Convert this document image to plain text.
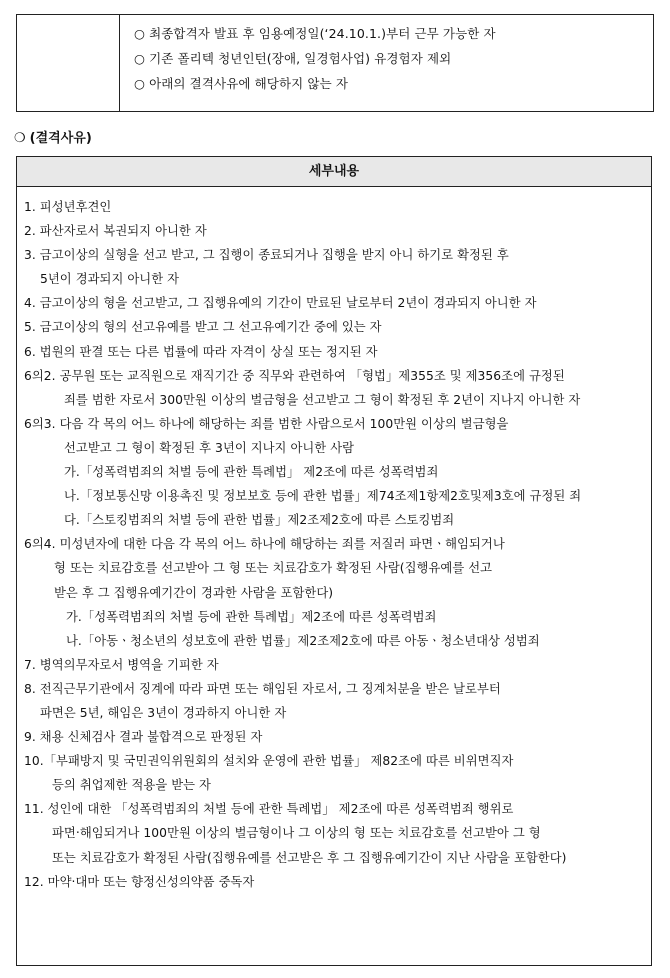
○ 최종합격자 발표 후 임용예정일(‘24.10.1.)부터 근무 가능한 자
○ 기존 폴리텍 청년인턴(장애, 일경험사업) 유경험자 제외
○ 아래의 결격사유에 해당하지 않는 자
❍ (결격사유)
세부내용
1. 피성년후견인
2. 파산자로서 복권되지 아니한 자
3. 금고이상의 실형을 선고 받고, 그 집행이 종료되거나 집행을 받지 아니 하기로 확정된 후
5년이 경과되지 아니한 자
4. 금고이상의 형을 선고받고, 그 집행유예의 기간이 만료된 날로부터 2년이 경과되지 아니한 자
5. 금고이상의 형의 선고유예를 받고 그 선고유예기간 중에 있는 자
6. 법원의 판결 또는 다른 법률에 따라 자격이 상실 또는 정지된 자
6의2. 공무원 또는 교직원으로 재직기간 중 직무와 관련하여 「형법」제355조 및 제356조에 규정된
죄를 범한 자로서 300만원 이상의 벌금형을 선고받고 그 형이 확정된 후 2년이 지나지 아니한 자
6의3. 다음 각 목의 어느 하나에 해당하는 죄를 범한 사람으로서 100만원 이상의 벌금형을
선고받고 그 형이 확정된 후 3년이 지나지 아니한 사람
가.「성폭력범죄의 처벌 등에 관한 특례법」 제2조에 따른 성폭력범죄
나.「정보통신망 이용촉진 및 정보보호 등에 관한 법률」제74조제1항제2호및제3호에 규정된 죄
다.「스토킹범죄의 처벌 등에 관한 법률」제2조제2호에 따른 스토킹범죄
6의4. 미성년자에 대한 다음 각 목의 어느 하나에 해당하는 죄를 저질러 파면ㆍ해임되거나
형 또는 치료감호를 선고받아 그 형 또는 치료감호가 확정된 사람(집행유예를 선고
받은 후 그 집행유예기간이 경과한 사람을 포함한다)
가.「성폭력범죄의 처벌 등에 관한 특례법」제2조에 따른 성폭력범죄
나.「아동ㆍ청소년의 성보호에 관한 법률」제2조제2호에 따른 아동ㆍ청소년대상 성범죄
7. 병역의무자로서 병역을 기피한 자
8. 전직근무기관에서 징계에 따라 파면 또는 해임된 자로서, 그 징계처분을 받은 날로부터
파면은 5년, 해임은 3년이 경과하지 아니한 자
9. 채용 신체검사 결과 불합격으로 판정된 자
10.「부패방지 및 국민권익위원회의 설치와 운영에 관한 법률」 제82조에 따른 비위면직자
등의 취업제한 적용을 받는 자
11. 성인에 대한 「성폭력범죄의 처벌 등에 관한 특례법」 제2조에 따른 성폭력범죄 행위로
파면‧해임되거나 100만원 이상의 벌금형이나 그 이상의 형 또는 치료감호를 선고받아 그 형
또는 치료감호가 확정된 사람(집행유예를 선고받은 후 그 집행유예기간이 지난 사람을 포함한다)
12. 마약‧대마 또는 향정신성의약품 중독자
